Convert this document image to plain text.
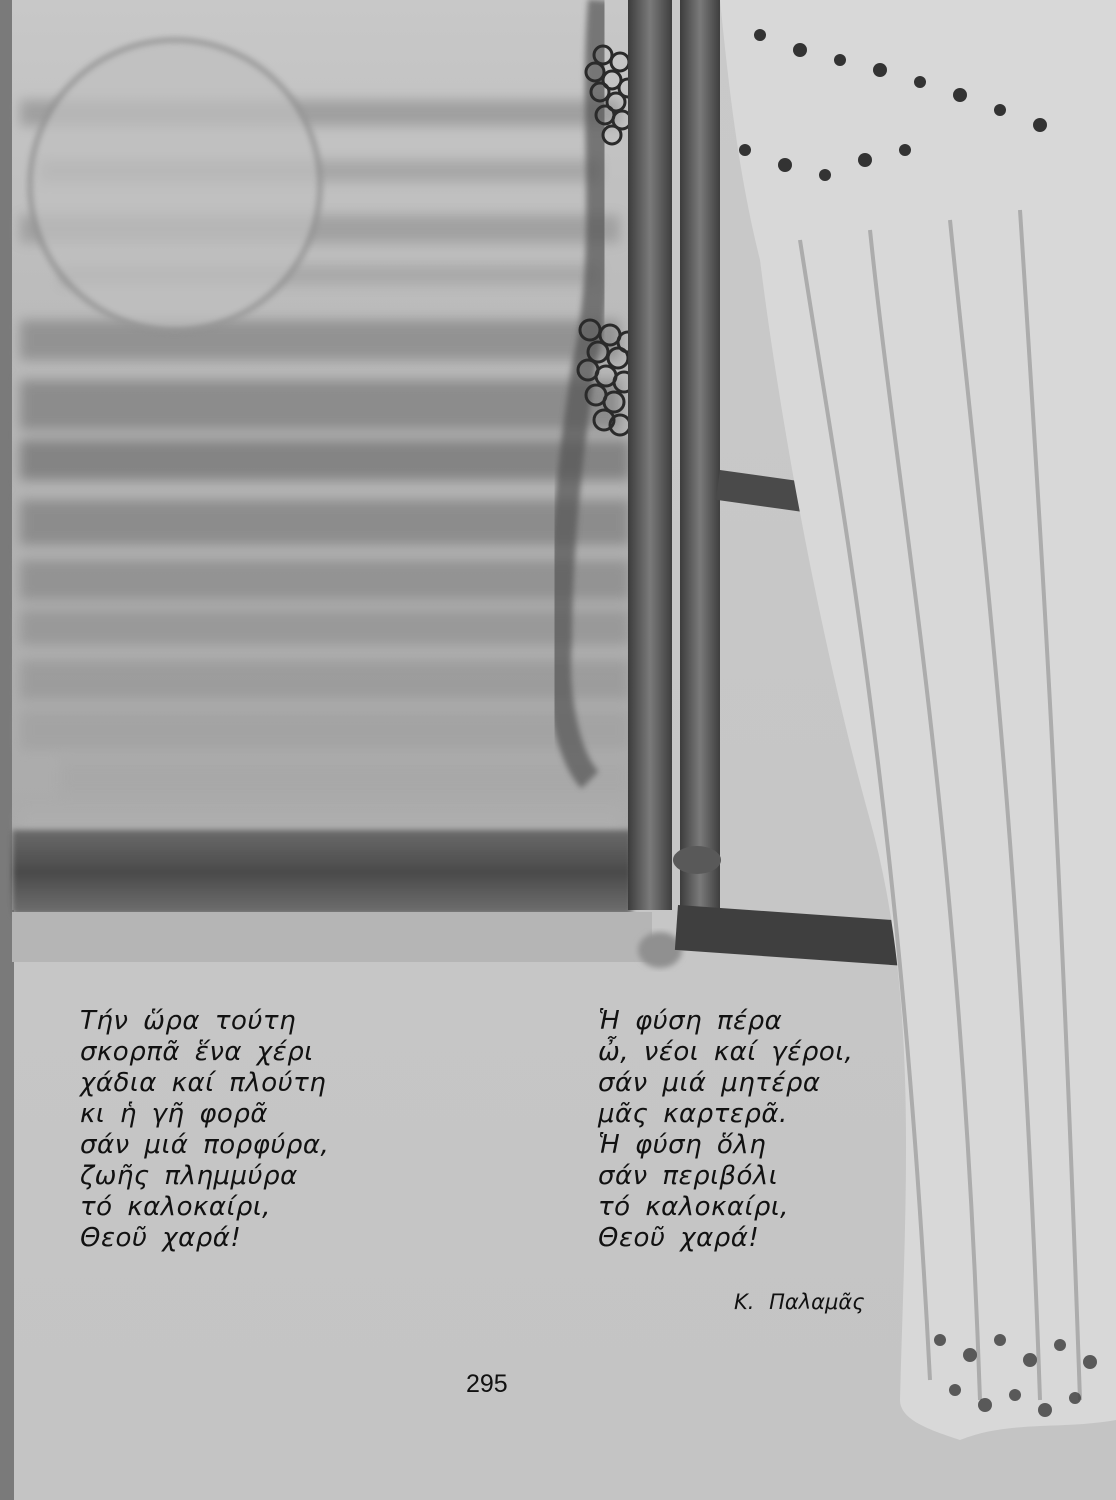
Τήν ὥρα τούτη
σκορπᾶ ἕνα χέρι
χάδια καί πλούτη
κι ἡ γῆ φορᾶ
σάν μιά πορφύρα,
ζωῆς πλημμύρα
τό καλοκαίρι,
Θεοῦ χαρά!
Ἡ φύση πέρα
ὦ, νέοι καί γέροι,
σάν μιά μητέρα
μᾶς καρτερᾶ.
Ἡ φύση ὅλη
σάν περιβόλι
τό καλοκαίρι,
Θεοῦ χαρά!
Κ. Παλαμᾶς
295
